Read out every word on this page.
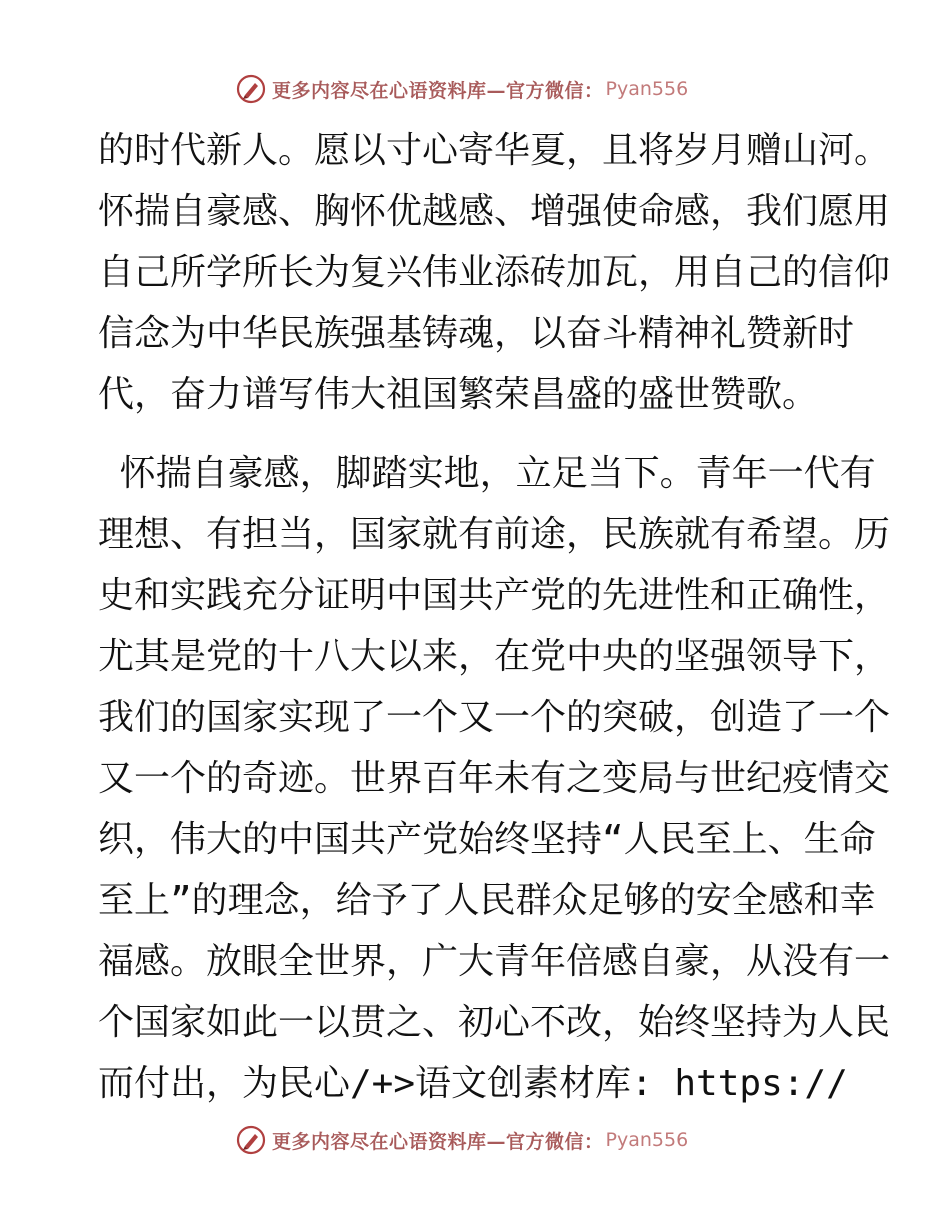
更多内容尽在心语资料库—官方微信： Pyan556
的时代新人。愿以寸心寄华夏，且将岁月赠山河。
怀揣自豪感、胸怀优越感、增强使命感，我们愿用
自己所学所长为复兴伟业添砖加瓦，用自己的信仰
信念为中华民族强基铸魂，以奋斗精神礼赞新时
代，奋力谱写伟大祖国繁荣昌盛的盛世赞歌。
怀揣自豪感，脚踏实地，立足当下。青年一代有
理想、有担当，国家就有前途，民族就有希望。历
史和实践充分证明中国共产党的先进性和正确性，
尤其是党的十八大以来，在党中央的坚强领导下，
我们的国家实现了一个又一个的突破，创造了一个
又一个的奇迹。世界百年未有之变局与世纪疫情交
织，伟大的中国共产党始终坚持“人民至上、生命
至上”的理念，给予了人民群众足够的安全感和幸
福感。放眼全世界，广大青年倍感自豪，从没有一
个国家如此一以贯之、初心不改，始终坚持为人民
而付出，为民心/+>语文创素材库: https://
更多内容尽在心语资料库—官方微信： Pyan556
